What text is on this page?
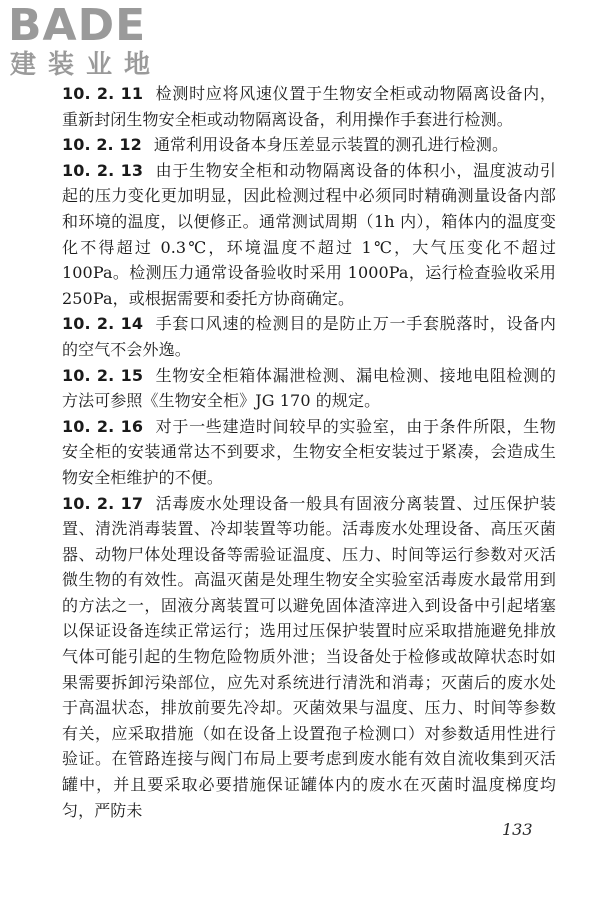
BADE
建装业地

10. 2. 11 检测时应将风速仪置于生物安全柜或动物隔离设备内，重新封闭生物安全柜或动物隔离设备，利用操作手套进行检测。

10. 2. 12 通常利用设备本身压差显示装置的测孔进行检测。

10. 2. 13 由于生物安全柜和动物隔离设备的体积小，温度波动引起的压力变化更加明显，因此检测过程中必须同时精确测量设备内部和环境的温度，以便修正。通常测试周期（1h 内），箱体内的温度变化不得超过 0.3℃，环境温度不超过 1℃，大气压变化不超过 100Pa。检测压力通常设备验收时采用 1000Pa，运行检查验收采用 250Pa，或根据需要和委托方协商确定。

10. 2. 14 手套口风速的检测目的是防止万一手套脱落时，设备内的空气不会外逸。

10. 2. 15 生物安全柜箱体漏泄检测、漏电检测、接地电阻检测的方法可参照《生物安全柜》JG 170 的规定。

10. 2. 16 对于一些建造时间较早的实验室，由于条件所限，生物安全柜的安装通常达不到要求，生物安全柜安装过于紧凑，会造成生物安全柜维护的不便。

10. 2. 17 活毒废水处理设备一般具有固液分离装置、过压保护装置、清洗消毒装置、冷却装置等功能。活毒废水处理设备、高压灭菌器、动物尸体处理设备等需验证温度、压力、时间等运行参数对灭活微生物的有效性。高温灭菌是处理生物安全实验室活毒废水最常用到的方法之一，固液分离装置可以避免固体渣滓进入到设备中引起堵塞以保证设备连续正常运行；选用过压保护装置时应采取措施避免排放气体可能引起的生物危险物质外泄；当设备处于检修或故障状态时如果需要拆卸污染部位，应先对系统进行清洗和消毒；灭菌后的废水处于高温状态，排放前要先冷却。灭菌效果与温度、压力、时间等参数有关，应采取措施（如在设备上设置孢子检测口）对参数适用性进行验证。在管路连接与阀门布局上要考虑到废水能有效自流收集到灭活罐中，并且要采取必要措施保证罐体内的废水在灭菌时温度梯度均匀，严防未

133
